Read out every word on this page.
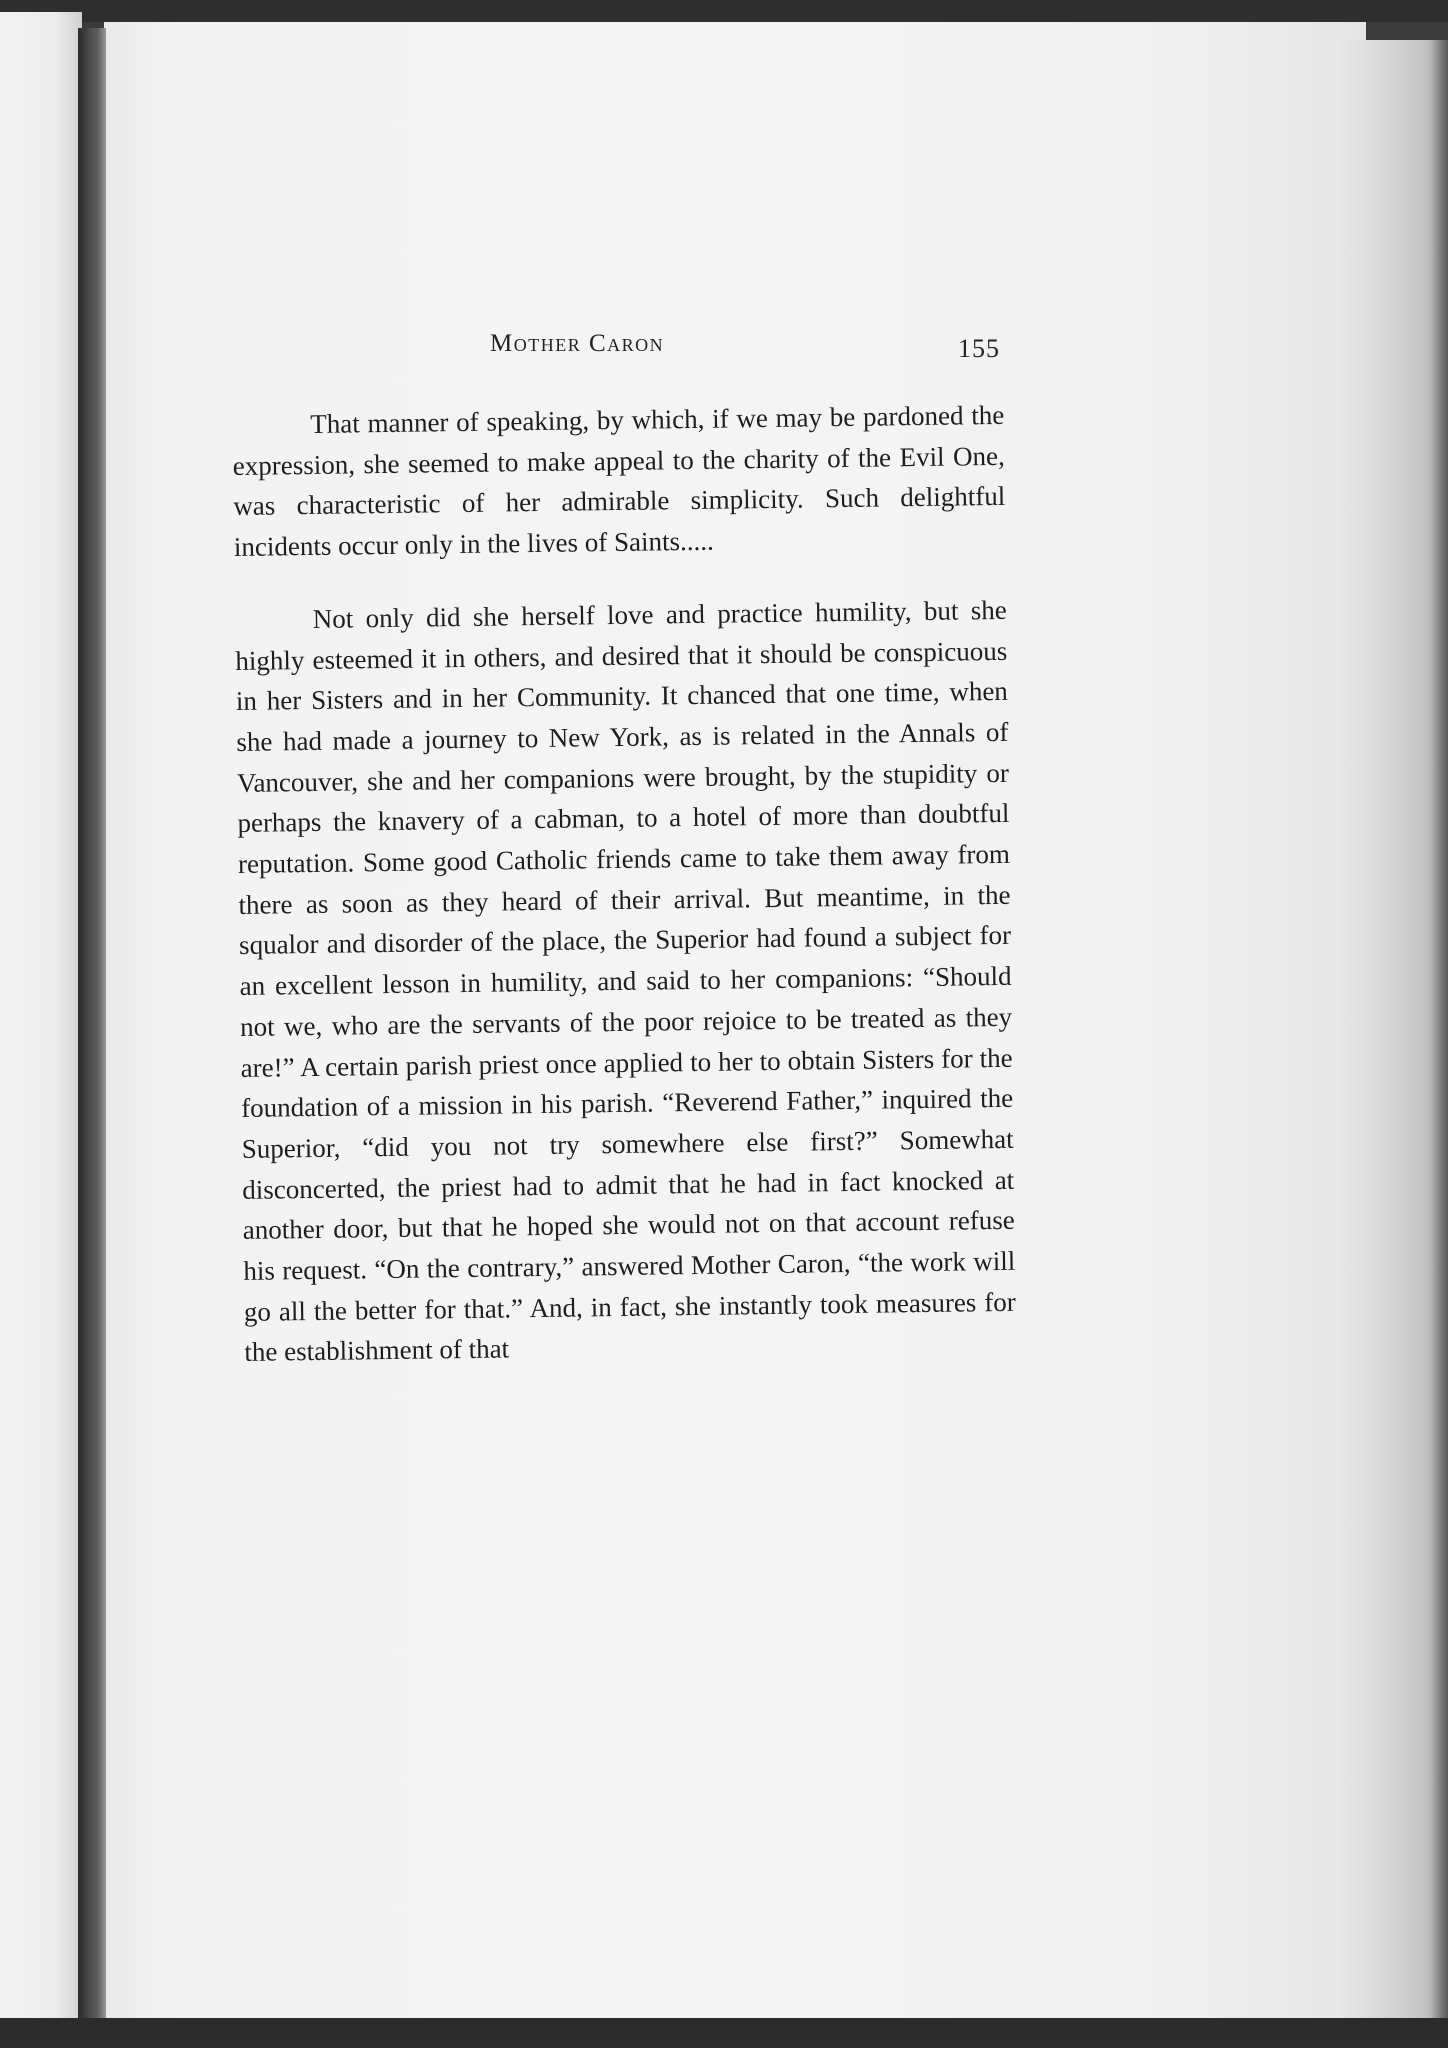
Mother Caron	155

That manner of speaking, by which, if we may be pardoned the expression, she seemed to make appeal to the charity of the Evil One, was characteristic of her admirable simplicity. Such delightful incidents occur only in the lives of Saints.....

Not only did she herself love and practice humility, but she highly esteemed it in others, and desired that it should be conspicuous in her Sisters and in her Community. It chanced that one time, when she had made a journey to New York, as is related in the Annals of Vancouver, she and her companions were brought, by the stupidity or perhaps the knavery of a cabman, to a hotel of more than doubtful reputation. Some good Catholic friends came to take them away from there as soon as they heard of their arrival. But meantime, in the squalor and disorder of the place, the Superior had found a subject for an excellent lesson in humility, and said to her companions: “Should not we, who are the servants of the poor rejoice to be treated as they are!” A certain parish priest once applied to her to obtain Sisters for the foundation of a mission in his parish. “Reverend Father,” inquired the Superior, “did you not try somewhere else first?” Somewhat disconcerted, the priest had to admit that he had in fact knocked at another door, but that he hoped she would not on that account refuse his request. “On the contrary,” answered Mother Caron, “the work will go all the better for that.” And, in fact, she instantly took measures for the establishment of that
